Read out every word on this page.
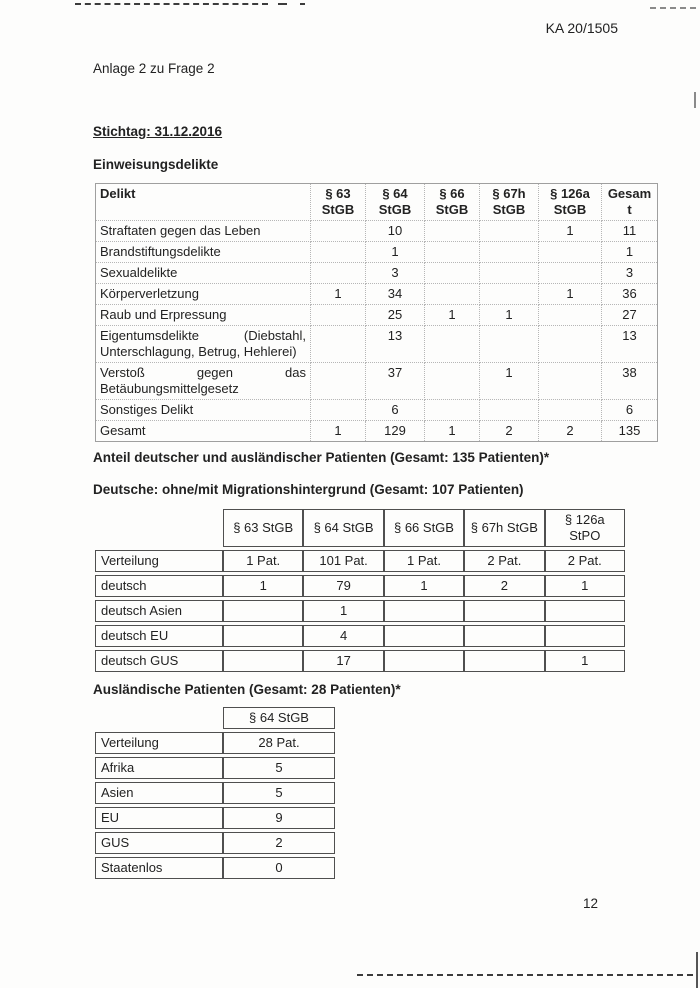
KA 20/1505
Anlage 2 zu Frage 2
Stichtag: 31.12.2016
Einweisungsdelikte
Delikt	§ 63 StGB	§ 64 StGB	§ 66 StGB	§ 67h StGB	§ 126a StGB	Gesamt
Straftaten gegen das Leben		10			1	11
Brandstiftungsdelikte		1				1
Sexualdelikte		3				3
Körperverletzung	1	34			1	36
Raub und Erpressung		25	1	1		27
Eigentumsdelikte (Diebstahl, Unterschlagung, Betrug, Hehlerei)		13				13
Verstoß gegen das Betäubungsmittelgesetz		37		1		38
Sonstiges Delikt		6				6
Gesamt	1	129	1	2	2	135
Anteil deutscher und ausländischer Patienten (Gesamt: 135 Patienten)*
Deutsche: ohne/mit Migrationshintergrund (Gesamt: 107 Patienten)
	§ 63 StGB	§ 64 StGB	§ 66 StGB	§ 67h StGB	§ 126a StPO
Verteilung	1 Pat.	101 Pat.	1 Pat.	2 Pat.	2 Pat.
deutsch	1	79	1	2	1
deutsch Asien		1			
deutsch EU		4			
deutsch GUS		17			1
Ausländische Patienten (Gesamt: 28 Patienten)*
	§ 64 StGB
Verteilung	28 Pat.
Afrika	5
Asien	5
EU	9
GUS	2
Staatenlos	0
12
